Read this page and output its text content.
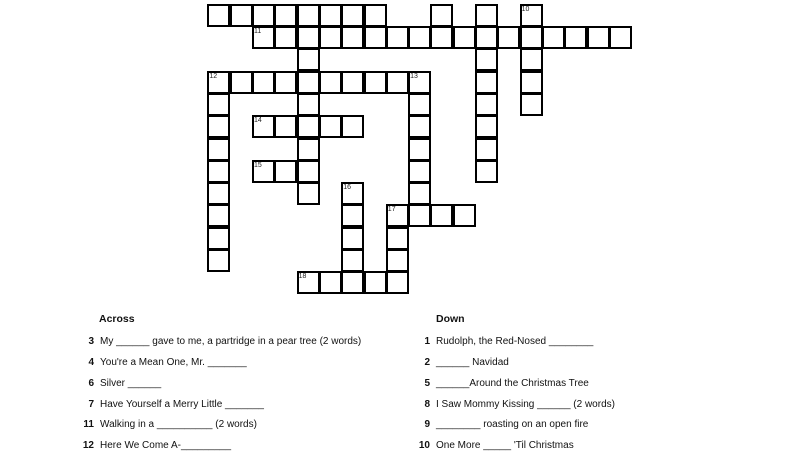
10
11
12	13
14
15
16
17
18
Across	Down
3 My ______ gave to me, a partridge in a pear tree (2 words)
4 You're a Mean One, Mr. _______
6 Silver ______
7 Have Yourself a Merry Little _______
11 Walking in a __________ (2 words)
12 Here We Come A-_________
1 Rudolph, the Red-Nosed ________
2 ______ Navidad
5 ______Around the Christmas Tree
8 I Saw Mommy Kissing ______ (2 words)
9 ________ roasting on an open fire
10 One More _____ 'Til Christmas
